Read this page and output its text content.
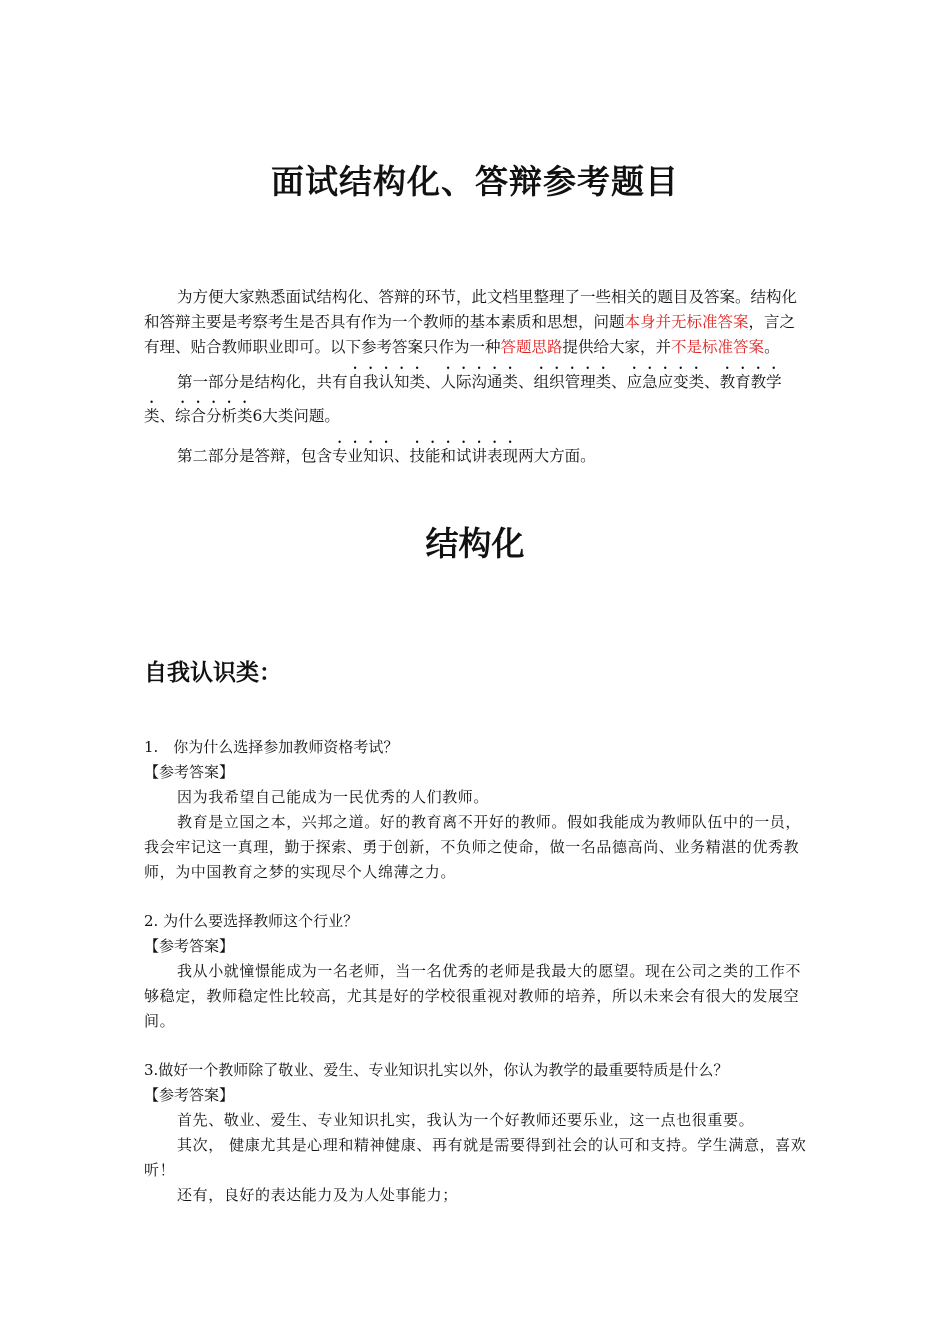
面试结构化、答辩参考题目

为方便大家熟悉面试结构化、答辩的环节，此文档里整理了一些相关的题目及答案。结构化和答辩主要是考察考生是否具有作为一个教师的基本素质和思想，问题本身并无标准答案，言之有理、贴合教师职业即可。以下参考答案只作为一种答题思路提供给大家，并不是标准答案。

第一部分是结构化，共有自我认知类、人际沟通类、组织管理类、应急应变类、教育教学类、综合分析类6大类问题。

第二部分是答辩，包含专业知识、技能和试讲表现两大方面。

结构化
自我认识类：

1.　你为什么选择参加教师资格考试？

【参考答案】

因为我希望自己能成为一民优秀的人们教师。

教育是立国之本，兴邦之道。好的教育离不开好的教师。假如我能成为教师队伍中的一员，我会牢记这一真理，勤于探索、勇于创新，不负师之使命，做一名品德高尚、业务精湛的优秀教师，为中国教育之梦的实现尽个人绵薄之力。

2. 为什么要选择教师这个行业？

【参考答案】

我从小就憧憬能成为一名老师，当一名优秀的老师是我最大的愿望。现在公司之类的工作不够稳定，教师稳定性比较高，尤其是好的学校很重视对教师的培养，所以未来会有很大的发展空间。

3.做好一个教师除了敬业、爱生、专业知识扎实以外，你认为教学的最重要特质是什么？

【参考答案】

首先、敬业、爱生、专业知识扎实，我认为一个好教师还要乐业，这一点也很重要。

其次， 健康尤其是心理和精神健康、再有就是需要得到社会的认可和支持。学生满意，喜欢听！

还有，良好的表达能力及为人处事能力；
